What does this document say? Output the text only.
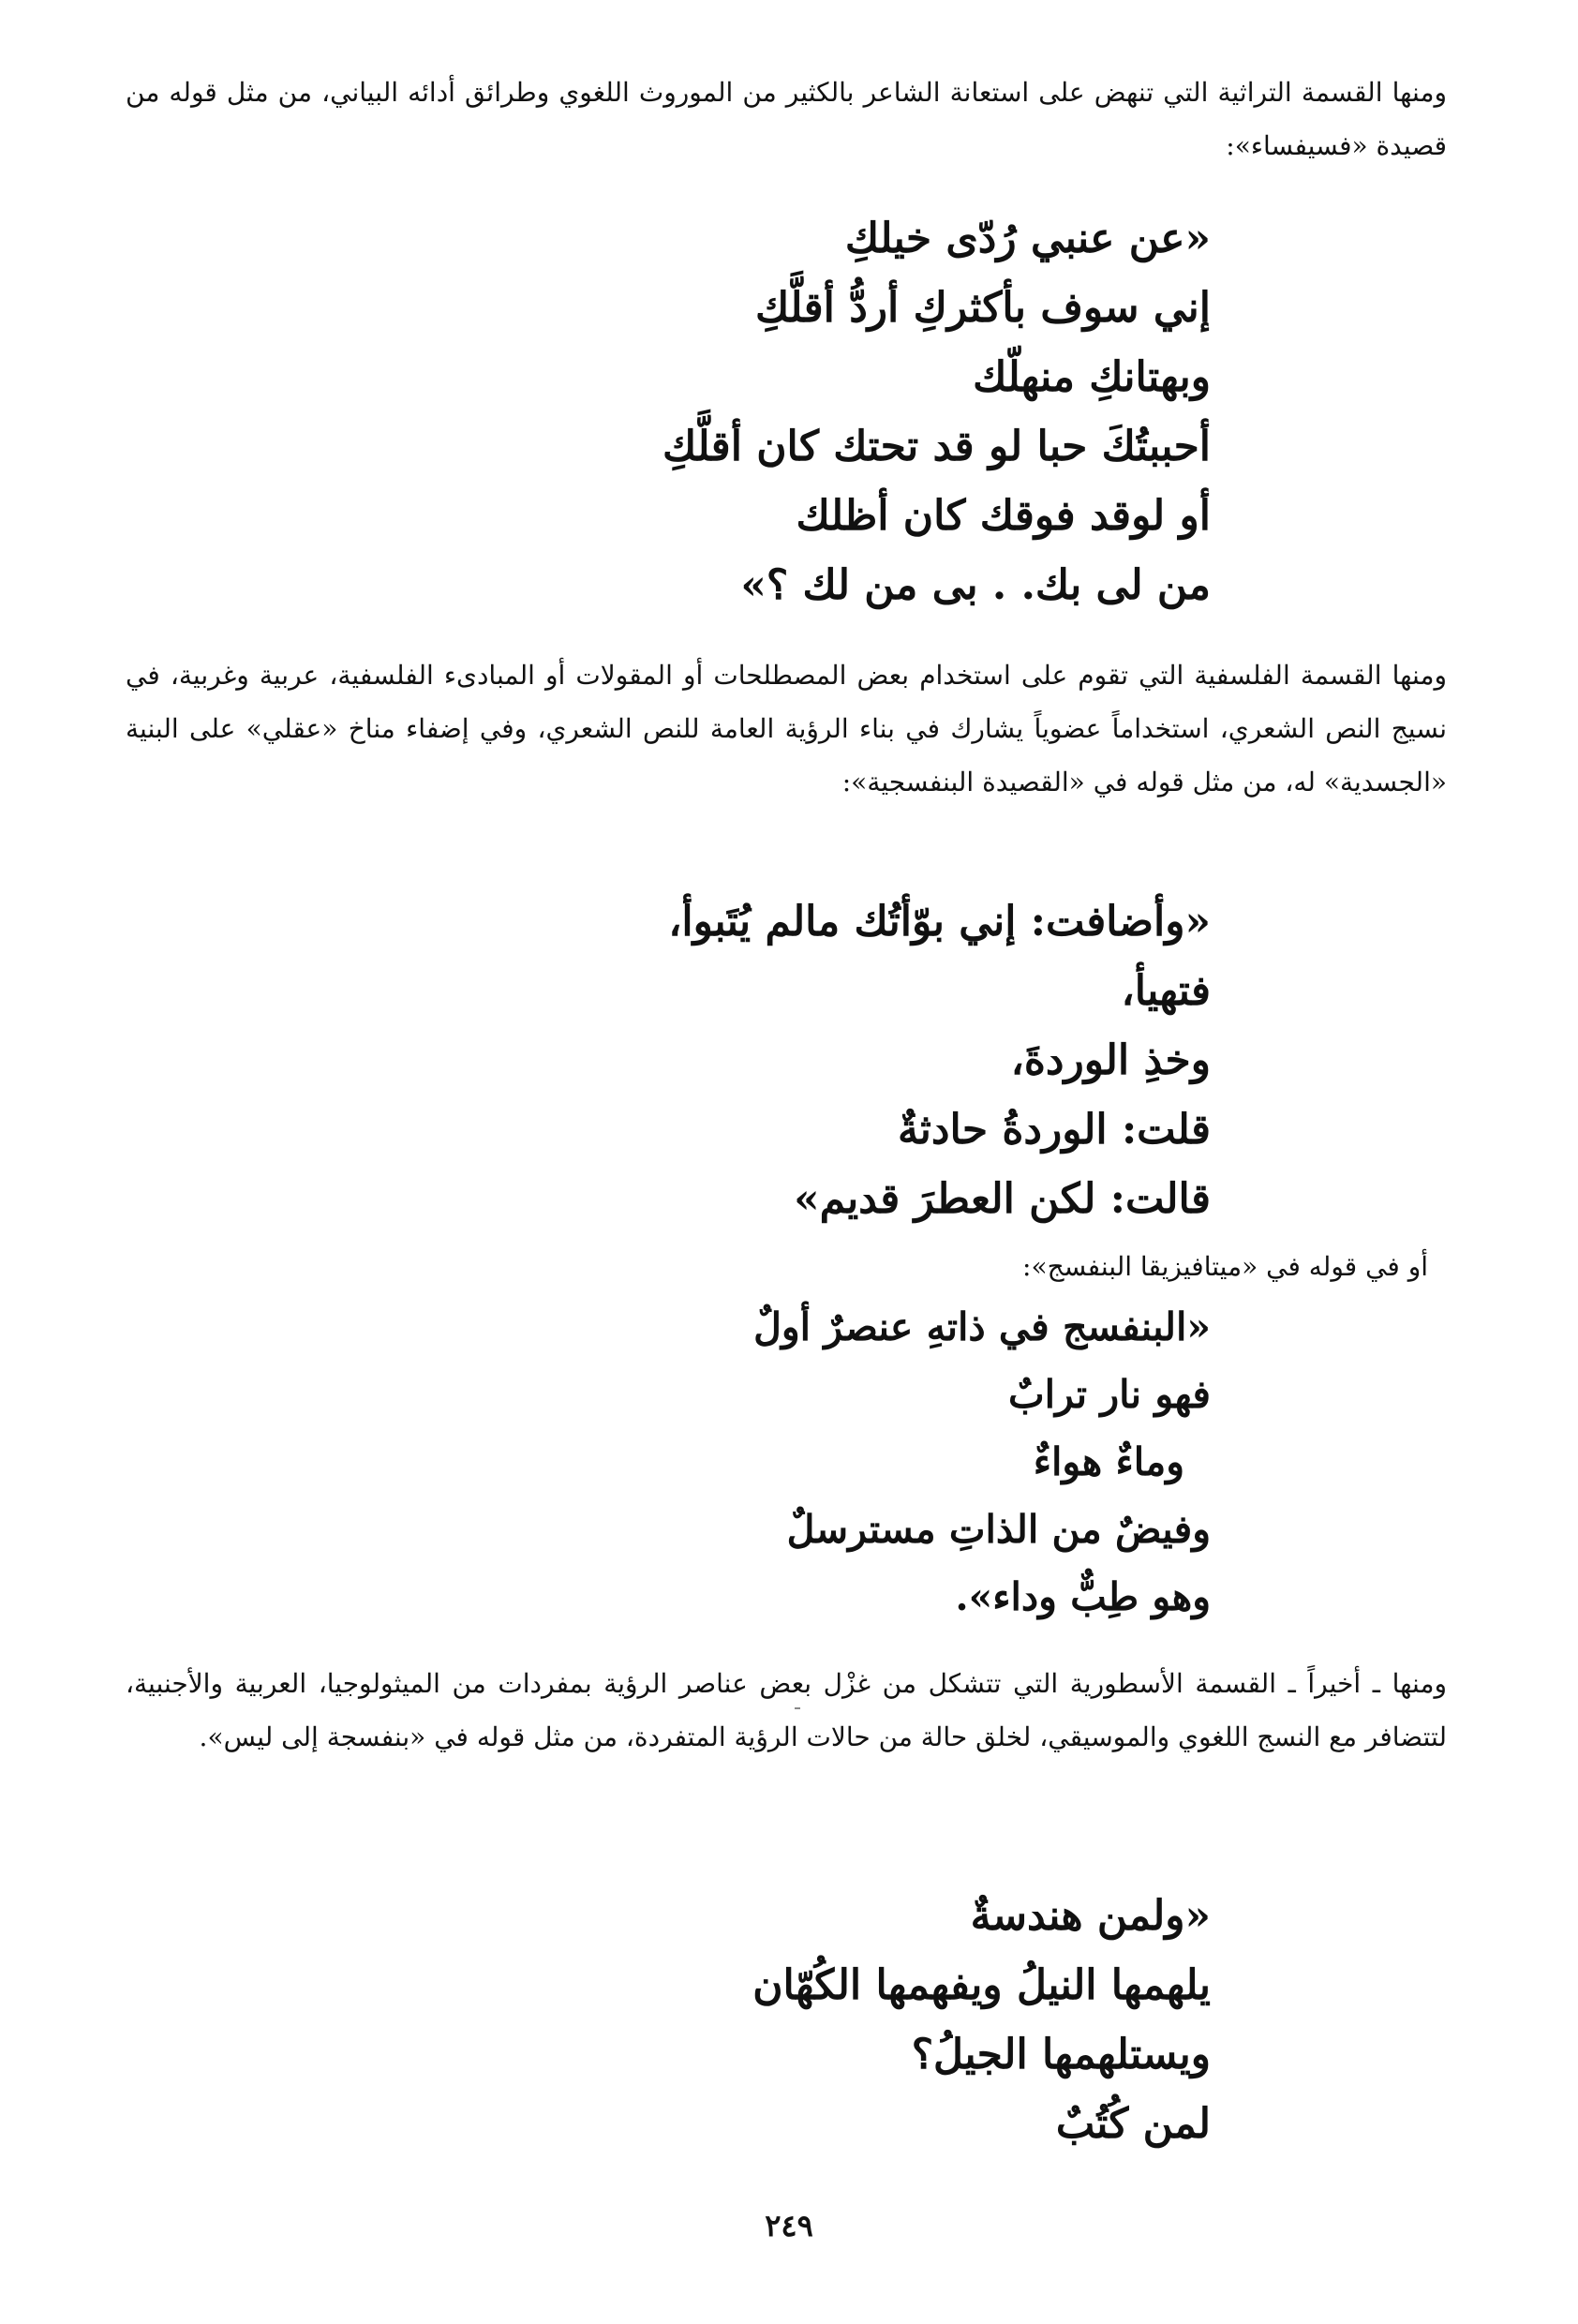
ومنها القسمة التراثية التي تنهض على استعانة الشاعر بالكثير من الموروث اللغوي وطرائق أدائه البياني، من مثل قوله من قصيدة «فسيفساء»:

«عن عنبي رُدّى خيلكِ
إني سوف بأكثركِ أردُّ أقلَّكِ
وبهتانكِ منهلّك
أحببتُكَ حبا لو قد تحتك كان أقلَّكِ
أو لوقد فوقك كان أظلك
من لى بك. . بى من لك ؟»

ومنها القسمة الفلسفية التي تقوم على استخدام بعض المصطلحات أو المقولات أو المبادىء الفلسفية، عربية وغربية، في نسيج النص الشعري، استخداماً عضوياً يشارك في بناء الرؤية العامة للنص الشعري، وفي إضفاء مناخ «عقلي» على البنية «الجسدية» له، من مثل قوله في «القصيدة البنفسجية»:

«وأضافت: إني بوّأتُك مالم يُتَبوأ،
فتهيأ،
وخذِ الوردةَ،
قلت: الوردةُ حادثةٌ
قالت: لكن العطرَ قديم»

أو في قوله في «ميتافيزيقا البنفسج»:

«البنفسج في ذاتهِ عنصرٌ أولٌ
فهو نار ترابٌ
وماءٌ هواءٌ
وفيضٌ من الذاتِ مسترسلٌ
وهو طِبٌّ وداء».

ومنها ـ أخيراً ـ القسمة الأسطورية التي تتشكل من غزْل بعض عناصر الرؤية بمفردات من الميثولوجيا، العربية والأجنبية، لتتضافر مع النسج اللغوي والموسيقي، لخلق حالة من حالات الرؤية المتفردة، من مثل قوله في «بنفسجة إلى ليس».

«ولمن هندسةٌ
يلهمها النيلُ ويفهمها الكُهّان
ويستلهمها الجيلُ؟
لمن كُتُبٌ

٢٤٩
